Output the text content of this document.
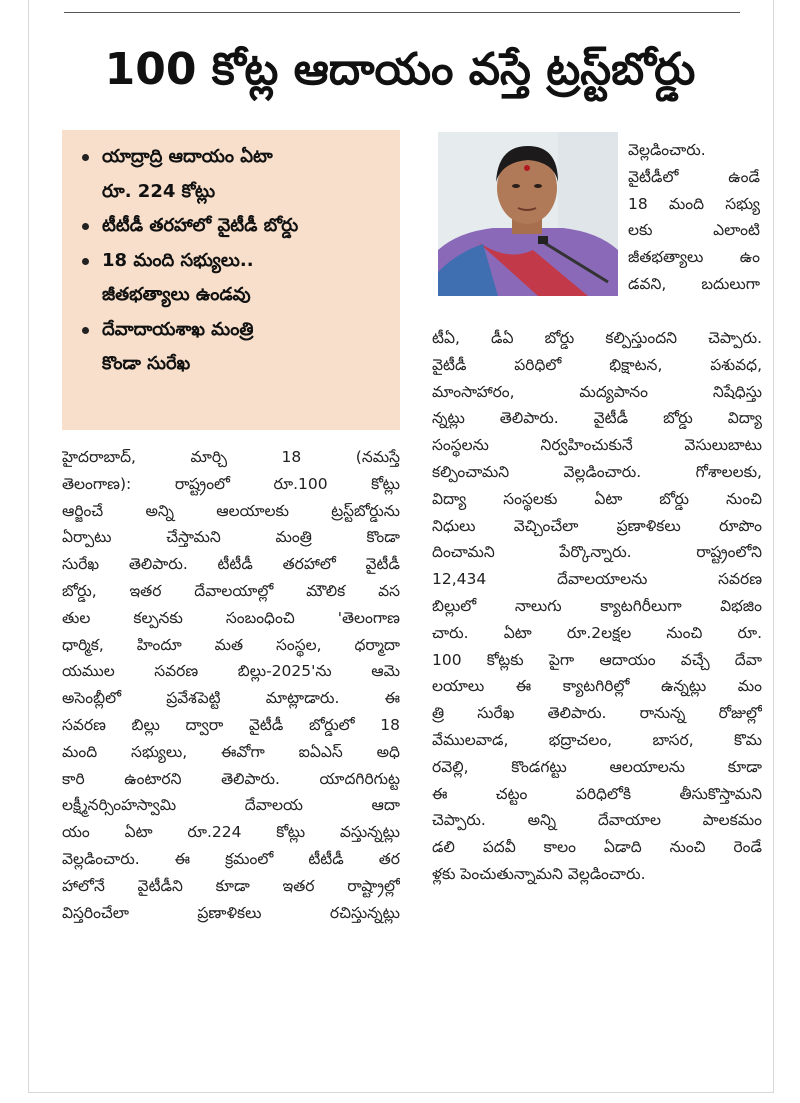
100 కోట్ల ఆదాయం వస్తే ట్రస్ట్‌బోర్డు
యాద్రాద్రి ఆదాయం ఏటా
రూ. 224 కోట్లు
టీటీడీ తరహాలో వైటీడీ బోర్డు
18 మంది సభ్యులు..
జీతభత్యాలు ఉండవు
దేవాదాయశాఖ మంత్రి
కొండా సురేఖ
హైదరాబాద్, మార్చి 18 (నమస్తే
తెలంగాణ): రాష్ట్రంలో రూ.100 కోట్లు
ఆర్జించే అన్ని ఆలయాలకు ట్రస్ట్‌బోర్డును
ఏర్పాటు చేస్తామని మంత్రి కొండా
సురేఖ తెలిపారు. టీటీడీ తరహాలో వైటీడీ
బోర్డు, ఇతర దేవాలయాల్లో మౌలిక వస
తుల కల్పనకు సంబంధించి 'తెలంగాణ
ధార్మిక, హిందూ మత సంస్థల, ధర్మాదా
యముల సవరణ బిల్లు-2025'ను ఆమె
అసెంబ్లీలో ప్రవేశపెట్టి మాట్లాడారు. ఈ
సవరణ బిల్లు ద్వారా వైటీడీ బోర్డులో 18
మంది సభ్యులు, ఈవోగా ఐఏఎస్ అధి
కారి ఉంటారని తెలిపారు. యాదగిరిగుట్ట
లక్ష్మీనర్సింహస్వామి దేవాలయ ఆదా
యం ఏటా రూ.224 కోట్లు వస్తున్నట్లు
వెల్లడించారు. ఈ క్రమంలో టీటీడీ తర
హాలోనే వైటీడీని కూడా ఇతర రాష్ట్రాల్లో
విస్తరించేలా ప్రణాళికలు రచిస్తున్నట్లు
వెల్లడించారు.
వైటీడీలో ఉండే
18 మంది సభ్యు
లకు ఎలాంటి
జీతభత్యాలు ఉం
డవని, బదులుగా
టీఏ, డీఏ బోర్డు కల్పిస్తుందని చెప్పారు.
వైటీడీ పరిధిలో భిక్షాటన, పశువధ,
మాంసాహారం, మద్యపానం నిషేధిస్తు
న్నట్లు తెలిపారు. వైటీడీ బోర్డు విద్యా
సంస్థలను నిర్వహించుకునే వెసులుబాటు
కల్పించామని వెల్లడించారు. గోశాలలకు,
విద్యా సంస్థలకు ఏటా బోర్డు నుంచి
నిధులు వెచ్చించేలా ప్రణాళికలు రూపొం
దించామని పేర్కొన్నారు. రాష్ట్రంలోని
12,434 దేవాలయాలను సవరణ
బిల్లులో నాలుగు క్యాటగిరీలుగా విభజిం
చారు. ఏటా రూ.2లక్షల నుంచి రూ.
100 కోట్లకు పైగా ఆదాయం వచ్చే దేవా
లయాలు ఈ క్యాటగిరిల్లో ఉన్నట్లు మం
త్రి సురేఖ తెలిపారు. రానున్న రోజుల్లో
వేములవాడ, భద్రాచలం, బాసర, కొమ
రవెల్లి, కొండగట్టు ఆలయాలను కూడా
ఈ చట్టం పరిధిలోకి తీసుకొస్తామని
చెప్పారు. అన్ని దేవాయాల పాలకమం
డలి పదవీ కాలం ఏడాది నుంచి రెండే
ళ్లకు పెంచుతున్నామని వెల్లడించారు.
